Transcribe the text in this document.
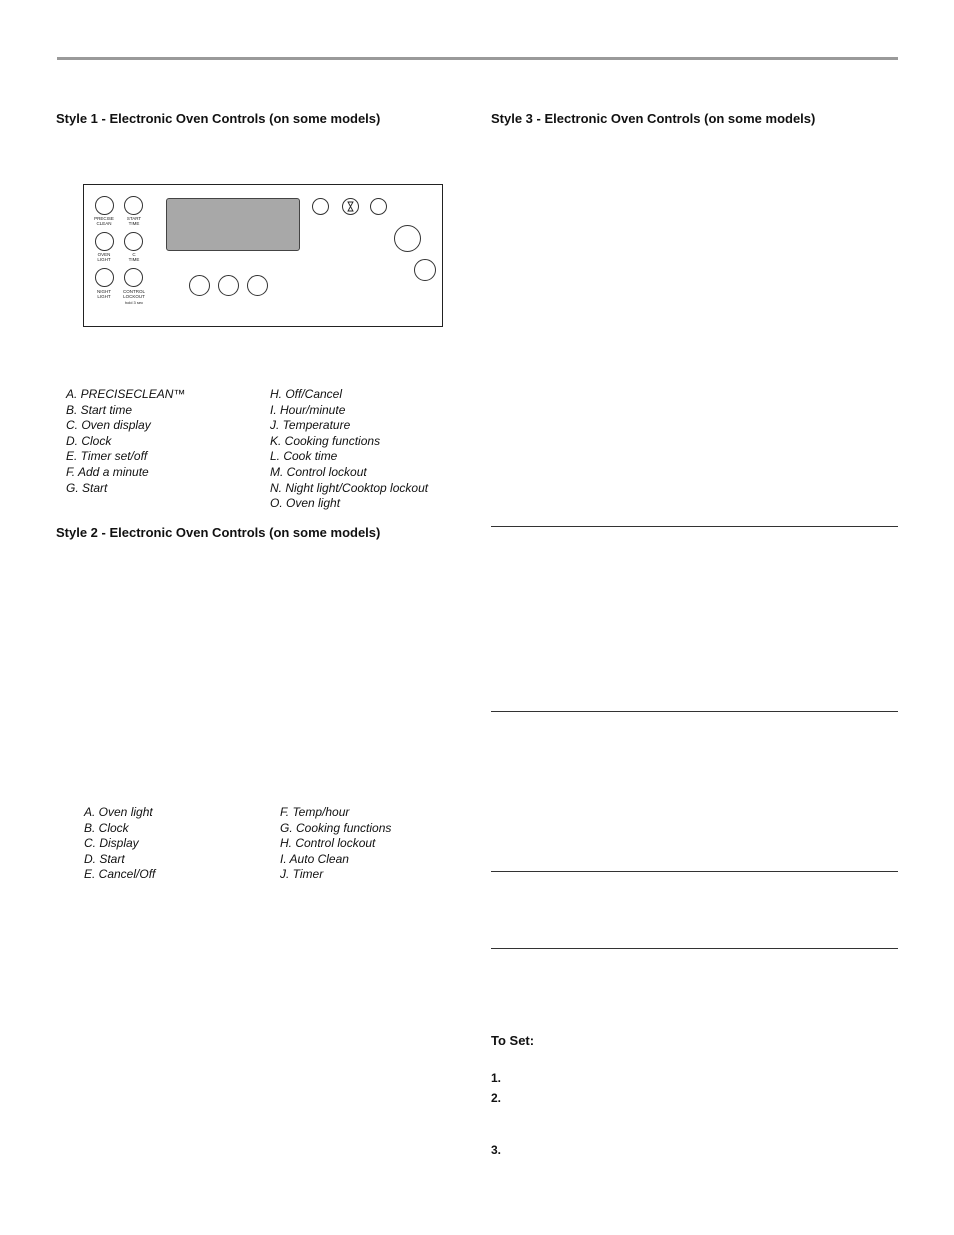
Style 1 - Electronic Oven Controls (on some models)
PRECISE
CLEAN
START
TIME
OVEN
LIGHT
C
TIME
NIGHT
LIGHT
CONTROL
LOCKOUT
hold 3 sec
A. PRECISECLEAN™
B. Start time
C. Oven display
D. Clock
E. Timer set/off
F. Add a minute
G. Start
H. Off/Cancel
I. Hour/minute
J. Temperature
K. Cooking functions
L. Cook time
M. Control lockout
N. Night light/Cooktop lockout
O. Oven light
Style 2 - Electronic Oven Controls (on some models)
A. Oven light
B. Clock
C. Display
D. Start
E. Cancel/Off
F. Temp/hour
G. Cooking functions
H. Control lockout
I. Auto Clean
J. Timer
Style 3 - Electronic Oven Controls (on some models)
To Set:
1.
2.
3.
